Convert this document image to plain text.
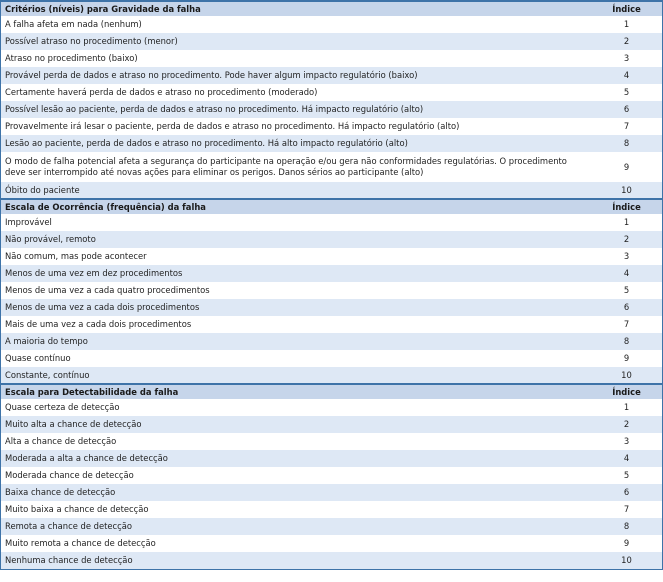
Critérios (níveis) para Gravidade da falha	Índice
A falha afeta em nada (nenhum)	1
Possível atraso no procedimento (menor)	2
Atraso no procedimento (baixo)	3
Provável perda de dados e atraso no procedimento. Pode haver algum impacto regulatório (baixo)	4
Certamente haverá perda de dados e atraso no procedimento (moderado)	5
Possível lesão ao paciente, perda de dados e atraso no procedimento. Há impacto regulatório (alto)	6
Provavelmente irá lesar o paciente, perda de dados e atraso no procedimento. Há impacto regulatório (alto)	7
Lesão ao paciente, perda de dados e atraso no procedimento. Há alto impacto regulatório (alto)	8
O modo de falha potencial afeta a segurança do participante na operação e/ou gera não conformidades regulatórias. O procedimento deve ser interrompido até novas ações para eliminar os perigos. Danos sérios ao participante (alto)	9
Óbito do paciente	10
Escala de Ocorrência (frequência) da falha	Índice
Improvável	1
Não provável, remoto	2
Não comum, mas pode acontecer	3
Menos de uma vez em dez procedimentos	4
Menos de uma vez a cada quatro procedimentos	5
Menos de uma vez a cada dois procedimentos	6
Mais de uma vez a cada dois procedimentos	7
A maioria do tempo	8
Quase contínuo	9
Constante, contínuo	10
Escala para Detectabilidade da falha	Índice
Quase certeza de detecção	1
Muito alta a chance de detecção	2
Alta a chance de detecção	3
Moderada a alta a chance de detecção	4
Moderada chance de detecção	5
Baixa chance de detecção	6
Muito baixa a chance de detecção	7
Remota a chance de detecção	8
Muito remota a chance de detecção	9
Nenhuma chance de detecção	10
